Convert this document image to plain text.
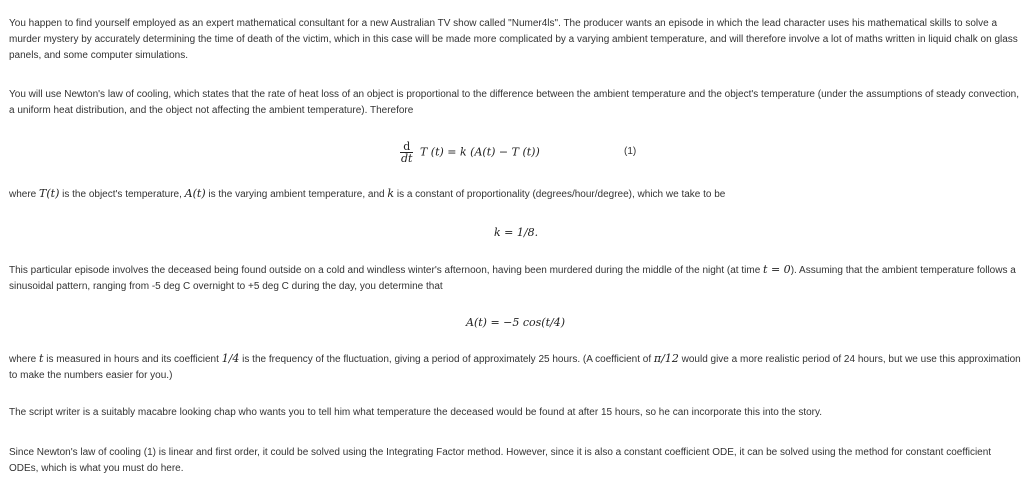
You happen to find yourself employed as an expert mathematical consultant for a new Australian TV show called "Numer4ls". The producer wants an episode in which the lead character uses his mathematical skills to solve a murder mystery by accurately determining the time of death of the victim, which in this case will be made more complicated by a varying ambient temperature, and will therefore involve a lot of maths written in liquid chalk on glass panels, and some computer simulations.

You will use Newton's law of cooling, which states that the rate of heat loss of an object is proportional to the difference between the ambient temperature and the object's temperature (under the assumptions of steady convection, a uniform heat distribution, and the object not affecting the ambient temperature). Therefore

$\frac{d}{dt}$ T (t) = k (A(t) − T (t))	(1)

where T(t) is the object's temperature, A(t) is the varying ambient temperature, and k is a constant of proportionality (degrees/hour/degree), which we take to be

k = 1/8.

This particular episode involves the deceased being found outside on a cold and windless winter's afternoon, having been murdered during the middle of the night (at time t = 0). Assuming that the ambient temperature follows a sinusoidal pattern, ranging from -5 deg C overnight to +5 deg C during the day, you determine that

A(t) = −5 cos(t/4)

where t is measured in hours and its coefficient 1/4 is the frequency of the fluctuation, giving a period of approximately 25 hours. (A coefficient of π/12 would give a more realistic period of 24 hours, but we use this approximation to make the numbers easier for you.)

The script writer is a suitably macabre looking chap who wants you to tell him what temperature the deceased would be found at after 15 hours, so he can incorporate this into the story.

Since Newton's law of cooling (1) is linear and first order, it could be solved using the Integrating Factor method. However, since it is also a constant coefficient ODE, it can be solved using the method for constant coefficient ODEs, which is what you must do here.
